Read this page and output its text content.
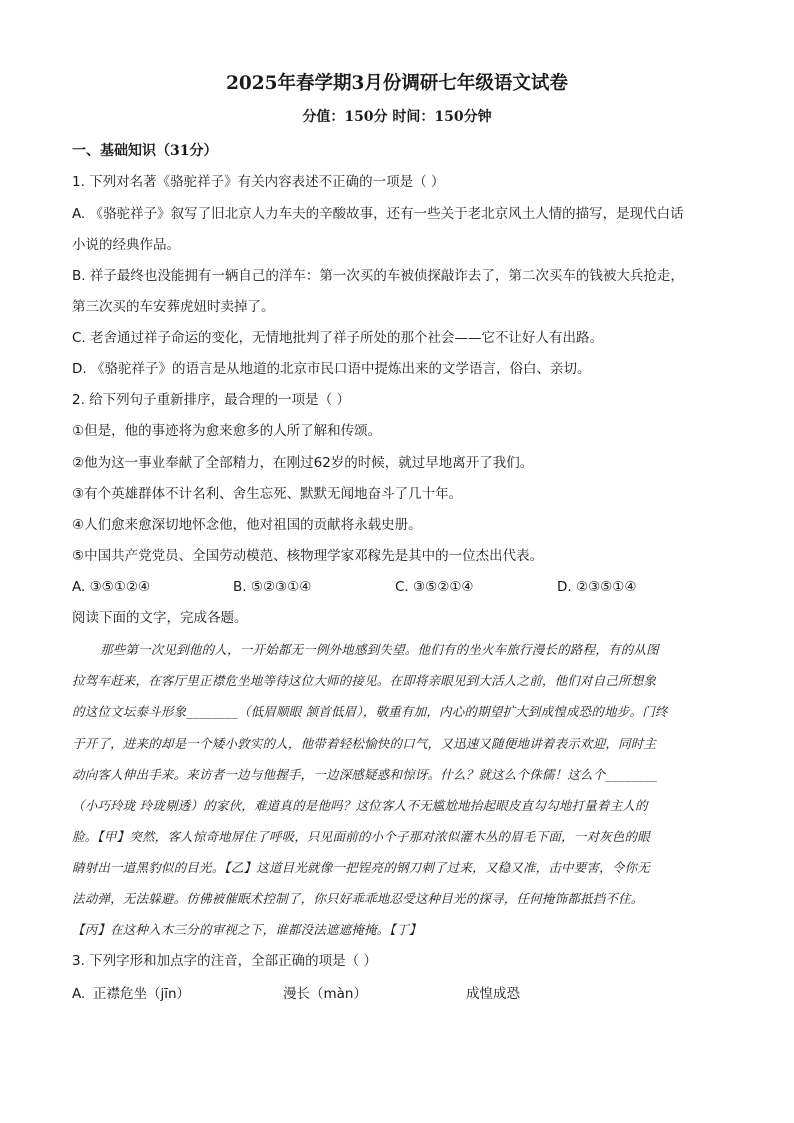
2025年春学期3月份调研七年级语文试卷
分值：150分 时间：150分钟
一、基础知识（31分）
1. 下列对名著《骆驼祥子》有关内容表述不正确的一项是（ ）
A. 《骆驼祥子》叙写了旧北京人力车夫的辛酸故事，还有一些关于老北京风土人情的描写，是现代白话
小说的经典作品。
B. 祥子最终也没能拥有一辆自己的洋车：第一次买的车被侦探敲诈去了，第二次买车的钱被大兵抢走，
第三次买的车安葬虎妞时卖掉了。
C. 老舍通过祥子命运的变化，无情地批判了祥子所处的那个社会——它不让好人有出路。
D. 《骆驼祥子》的语言是从地道的北京市民口语中提炼出来的文学语言，俗白、亲切。
2. 给下列句子重新排序，最合理的一项是（ ）
①但是，他的事迹将为愈来愈多的人所了解和传颂。
②他为这一事业奉献了全部精力，在刚过62岁的时候，就过早地离开了我们。
③有个英雄群体不计名利、舍生忘死、默默无闻地奋斗了几十年。
④人们愈来愈深切地怀念他，他对祖国的贡献将永载史册。
⑤中国共产党党员、全国劳动模范、核物理学家邓稼先是其中的一位杰出代表。
A. ③⑤①②④	B. ⑤②③①④	C. ③⑤②①④	D. ②③⑤①④
阅读下面的文字，完成各题。
那些第一次见到他的人，一开始都无一例外地感到失望。他们有的坐火车旅行漫长的路程，有的从图
拉驾车赶来，在客厅里正襟危坐地等待这位大师的接见。在即将亲眼见到大活人之前，他们对自己所想象
的这位文坛泰斗形象________（低眉顺眼 颔首低眉），敬重有加，内心的期望扩大到成惶成恐的地步。门终
于开了，进来的却是一个矮小敦实的人，他带着轻松愉快的口气，又迅速又随便地讲着表示欢迎，同时主
动向客人伸出手来。来访者一边与他握手，一边深感疑惑和惊讶。什么？就这么个侏儒！这么个________
（小巧玲珑 玲珑剔透）的家伙，难道真的是他吗？这位客人不无尴尬地抬起眼皮直勾勾地打量着主人的
脸。【甲】突然，客人惊奇地屏住了呼吸，只见面前的小个子那对浓似灌木丛的眉毛下面，一对灰色的眼
睛射出一道黑豹似的目光。【乙】这道目光就像一把锃亮的钢刀刺了过来，又稳又准，击中要害，令你无
法动弹，无法躲避。仿佛被催眠术控制了，你只好乖乖地忍受这种目光的探寻，任何掩饰都抵挡不住。
【丙】在这种入木三分的审视之下，谁都没法遮遮掩掩。【丁】
3. 下列字形和加点字的注音，全部正确的项是（ ）
A. 正襟危坐（jīn）	漫长（màn）	成惶成恐
